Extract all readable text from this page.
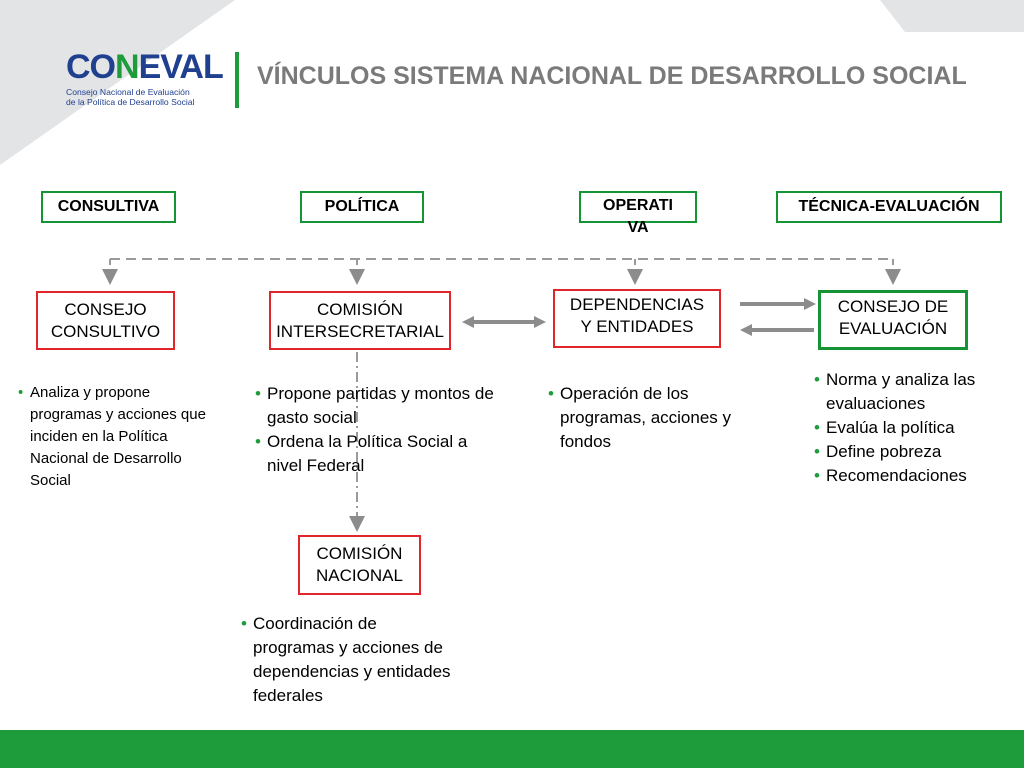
CONEVAL
Consejo Nacional de Evaluación
de la Política de Desarrollo Social
VÍNCULOS SISTEMA NACIONAL DE DESARROLLO SOCIAL
CONSULTIVA	POLÍTICA	OPERATI
VA
TÉCNICA-EVALUACIÓN
CONSEJO
CONSULTIVO
COMISIÓN
INTERSECRETARIAL
DEPENDENCIAS
Y ENTIDADES
CONSEJO DE
EVALUACIÓN
COMISIÓN
NACIONAL
• Analiza y propone programas y acciones que inciden en la Política Nacional de Desarrollo Social
• Propone partidas y montos de gasto social
• Ordena la Política Social a nivel Federal
• Operación de los programas, acciones y fondos
• Norma y analiza las evaluaciones
• Evalúa la política
• Define pobreza
• Recomendaciones
• Coordinación de programas y acciones de dependencias y entidades federales
